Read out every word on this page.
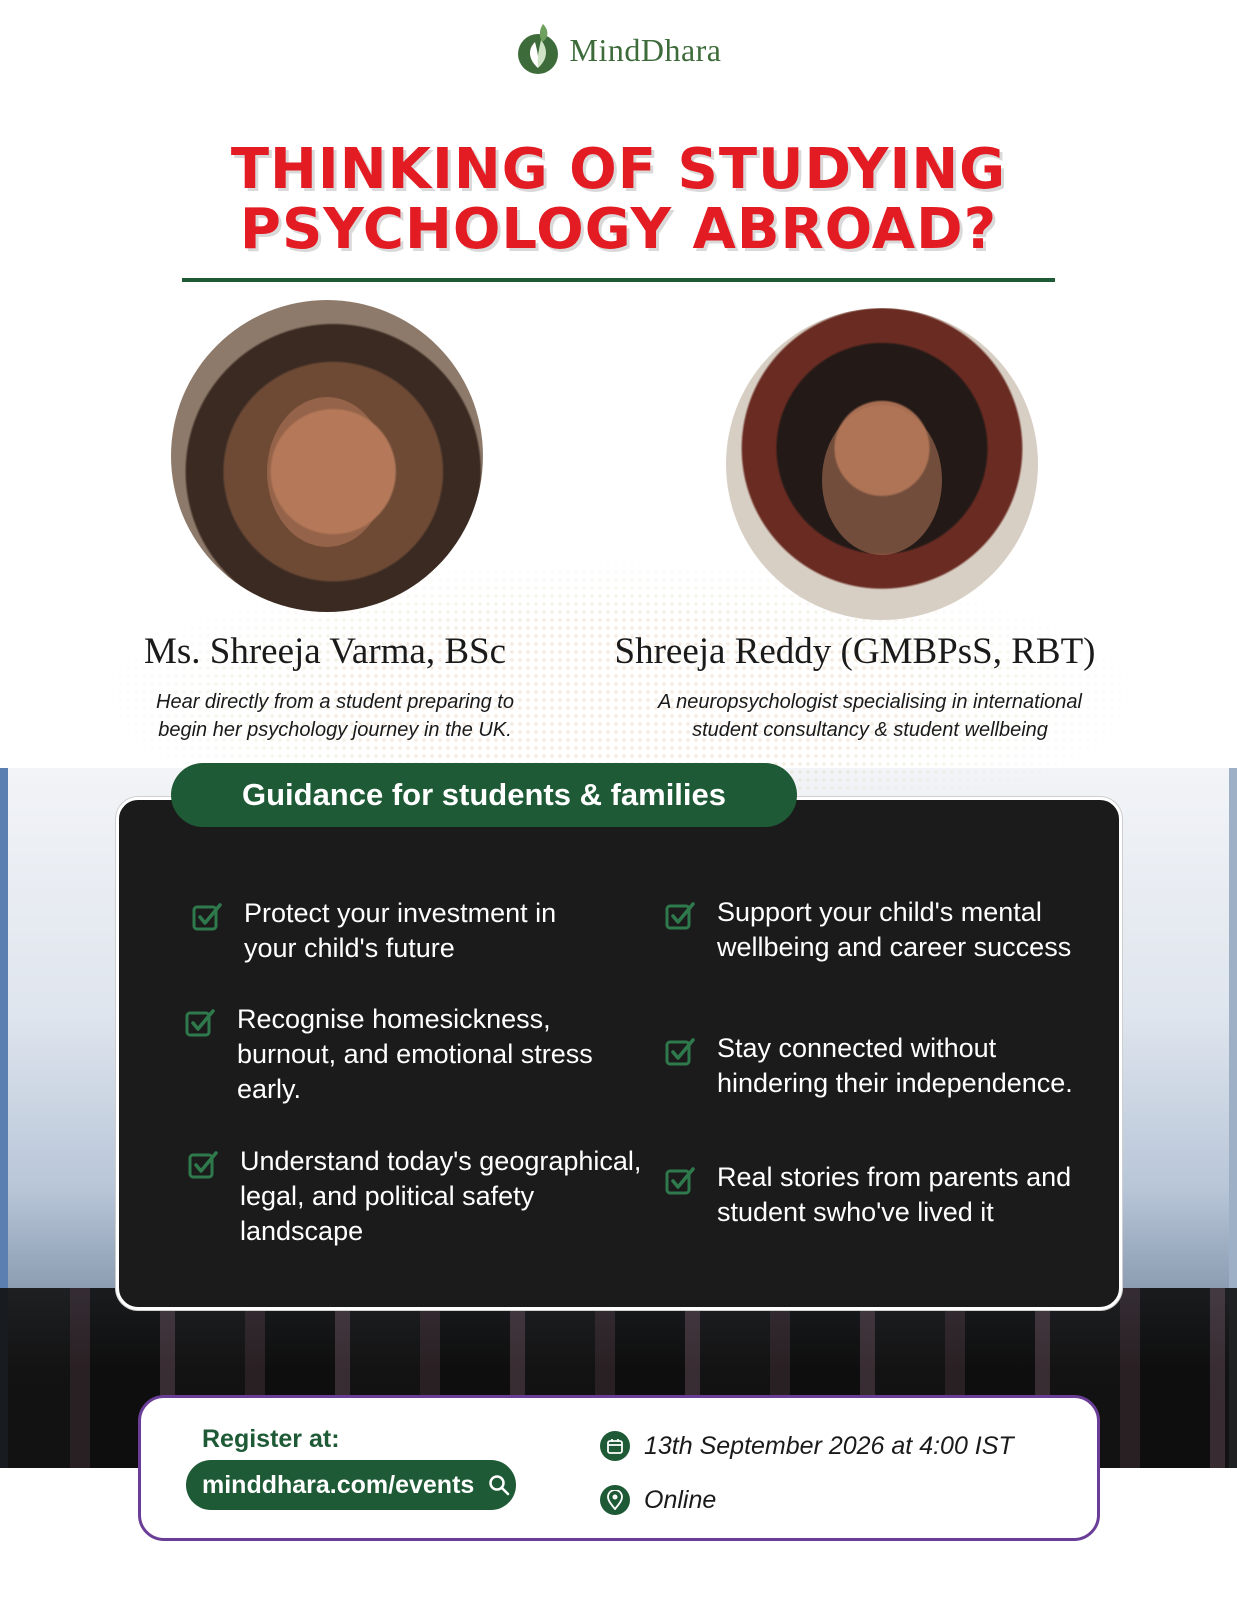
MindDhara
THINKING OF STUDYING
PSYCHOLOGY ABROAD?
Ms. Shreeja Varma, BSc	Shreeja Reddy (GMBPsS, RBT)
Hear directly from a student preparing to
begin her psychology journey in the UK.
A neuropsychologist specialising in international
student consultancy & student wellbeing
Guidance for students & families
Protect your investment in
your child's future
Recognise homesickness,
burnout, and emotional stress
early.
Understand today's geographical,
legal, and political safety
landscape
Support your child's mental
wellbeing and career success
Stay connected without
hindering their independence.
Real stories from parents and
student swho've lived it
Register at:
minddhara.com/events
13th September 2026 at 4:00 IST
Online
